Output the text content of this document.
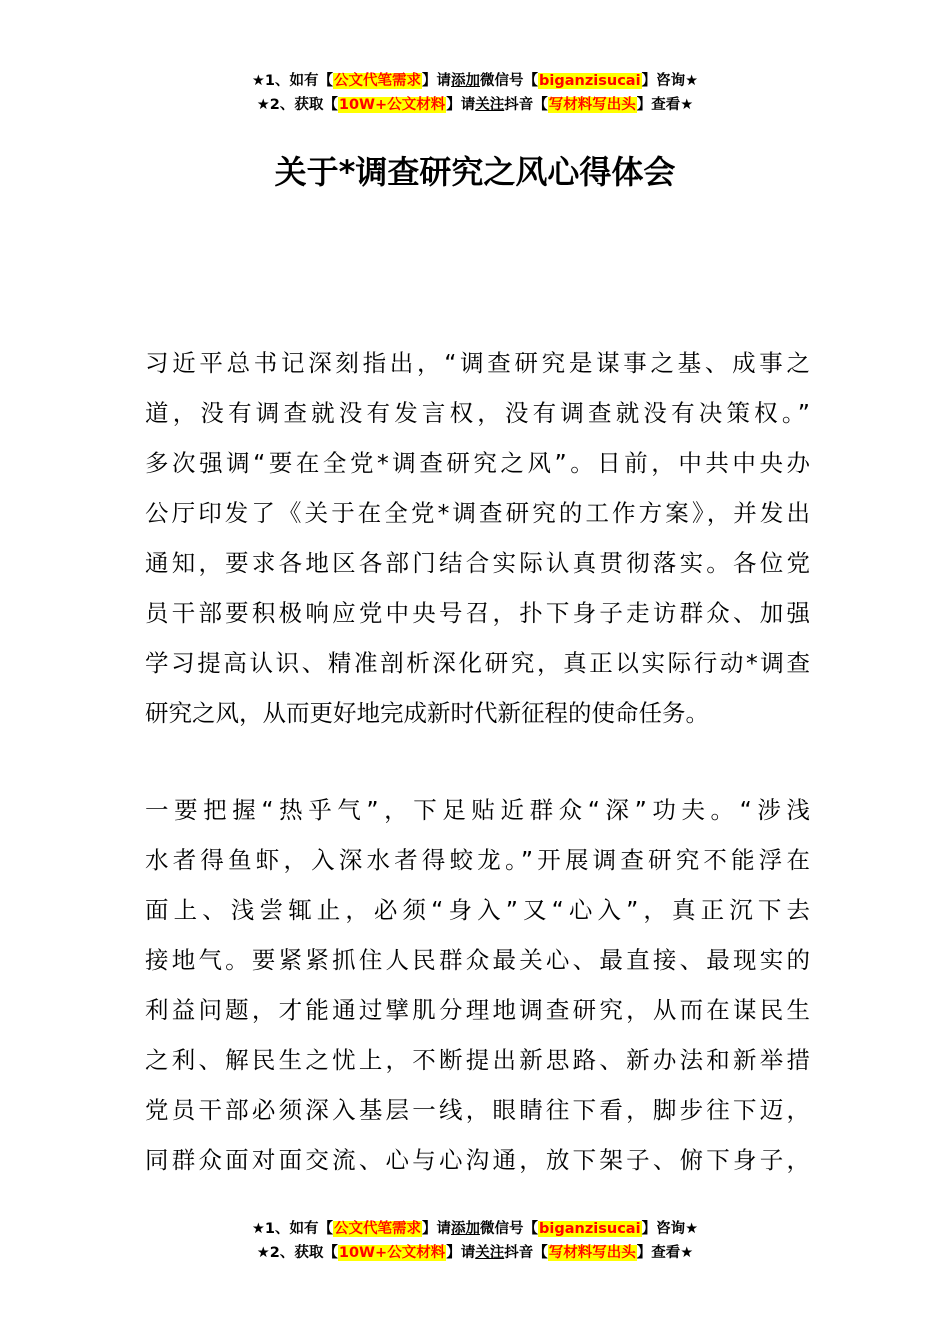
★1、如有【公文代笔需求】请添加微信号【biganzisucai】咨询★
★2、获取【10W+公文材料】请关注抖音【写材料写出头】查看★
关于*调查研究之风心得体会
习近平总书记深刻指出，“调查研究是谋事之基、成事之
道，没有调查就没有发言权，没有调查就没有决策权。”
多次强调“要在全党*调查研究之风”。日前，中共中央办
公厅印发了《关于在全党*调查研究的工作方案》，并发出
通知，要求各地区各部门结合实际认真贯彻落实。各位党
员干部要积极响应党中央号召，扑下身子走访群众、加强
学习提高认识、精准剖析深化研究，真正以实际行动*调查
研究之风，从而更好地完成新时代新征程的使命任务。
一要把握“热乎气”，下足贴近群众“深”功夫。“涉浅
水者得鱼虾，入深水者得蛟龙。”开展调查研究不能浮在
面上、浅尝辄止，必须“身入”又“心入”，真正沉下去
接地气。要紧紧抓住人民群众最关心、最直接、最现实的
利益问题，才能通过擘肌分理地调查研究，从而在谋民生
之利、解民生之忧上，不断提出新思路、新办法和新举措
党员干部必须深入基层一线，眼睛往下看，脚步往下迈，
同群众面对面交流、心与心沟通，放下架子、俯下身子，
★1、如有【公文代笔需求】请添加微信号【biganzisucai】咨询★
★2、获取【10W+公文材料】请关注抖音【写材料写出头】查看★
